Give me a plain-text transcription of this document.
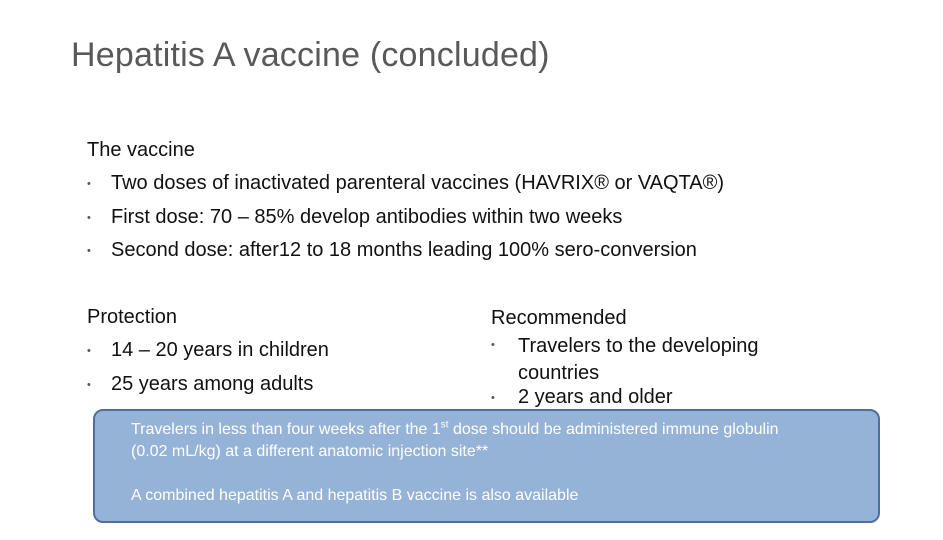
Hepatitis A vaccine (concluded)
The vaccine
• Two doses of inactivated parenteral vaccines (HAVRIX® or VAQTA®)
• First dose: 70 – 85% develop antibodies within two weeks
• Second dose: after12 to 18 months leading 100% sero-conversion
Protection
• 14 – 20 years in children
• 25 years among adults
Recommended
• Travelers to the developing countries
• 2 years and older
Travelers in less than four weeks after the 1st dose should be administered immune globulin
(0.02 mL/kg) at a different anatomic injection site**
A combined hepatitis A and hepatitis B vaccine is also available
